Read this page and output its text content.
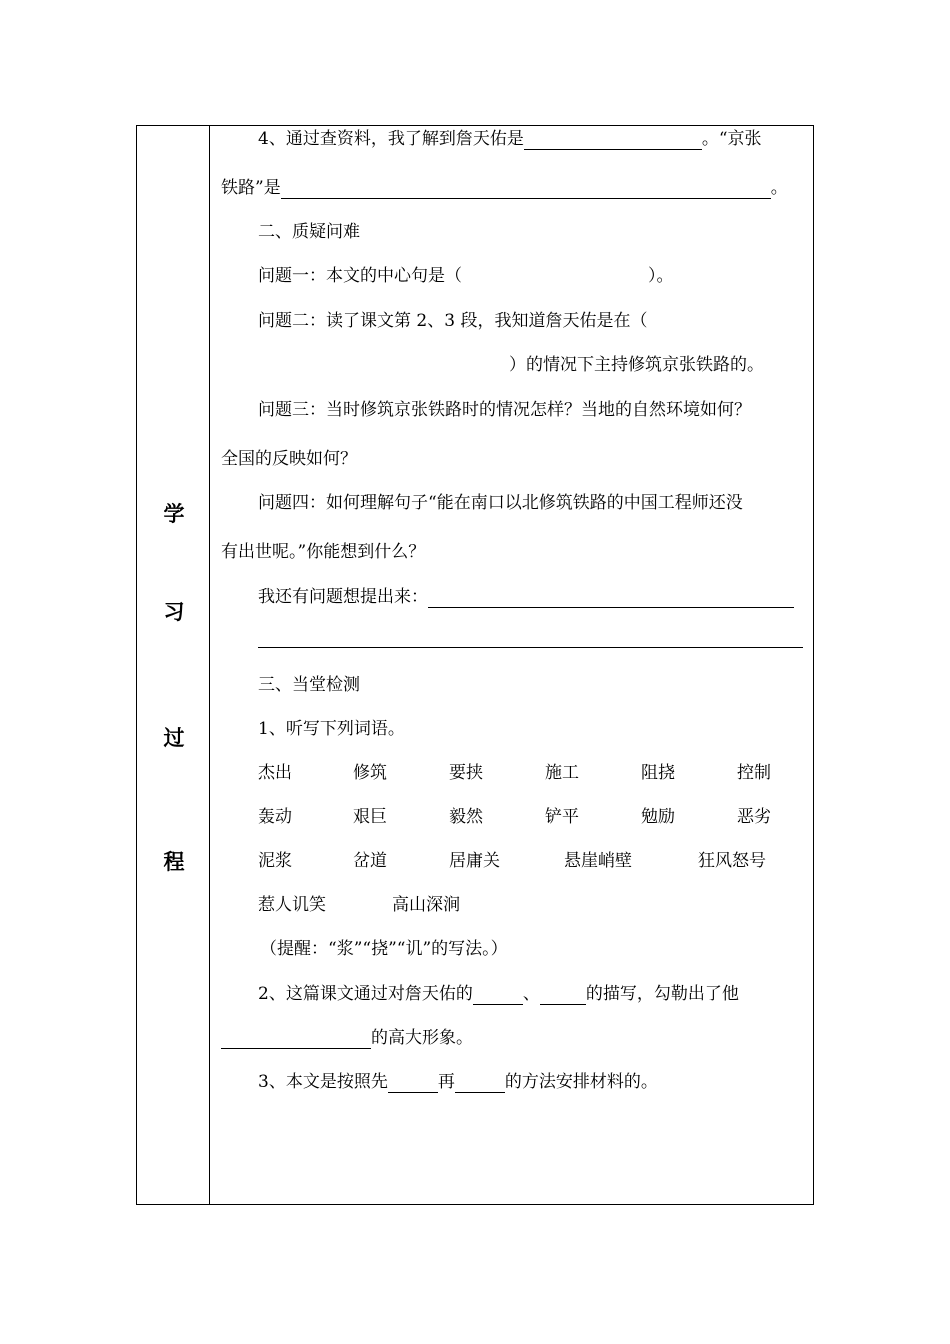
学
习
过
程
4、通过查资料，我了解到詹天佑是	。“京张
铁路”是	。
二、质疑问难
问题一：本文的中心句是（	）。
问题二：读了课文第 2、3 段，我知道詹天佑是在（
）的情况下主持修筑京张铁路的。
问题三：当时修筑京张铁路时的情况怎样？当地的自然环境如何？
全国的反映如何？
问题四：如何理解句子“能在南口以北修筑铁路的中国工程师还没
有出世呢。”你能想到什么？
我还有问题想提出来：
三、当堂检测
1、听写下列词语。
杰出	修筑	要挟	施工	阻挠	控制
轰动	艰巨	毅然	铲平	勉励	恶劣
泥浆	岔道	居庸关	悬崖峭壁	狂风怒号
惹人讥笑	高山深涧
（提醒：“浆”“挠”“讥”的写法。）
2、这篇课文通过对詹天佑的	、	的描写，勾勒出了他
的高大形象。
3、本文是按照先	再	的方法安排材料的。
